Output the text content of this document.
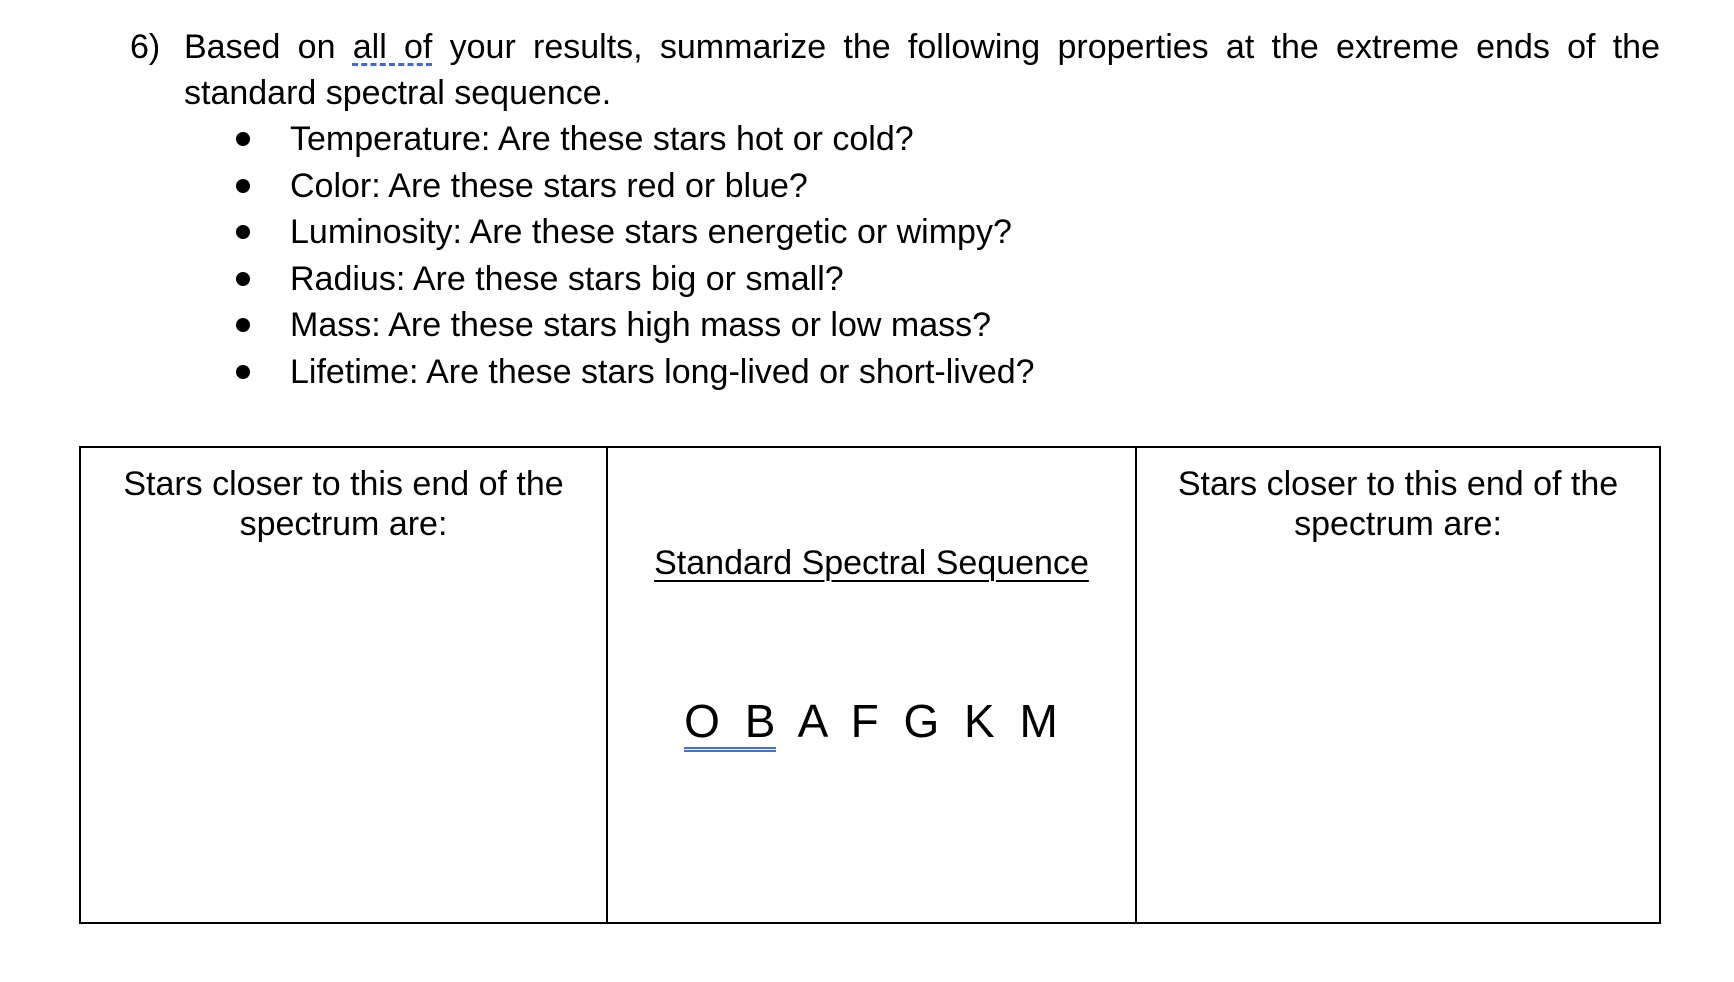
6) Based on all of your results, summarize the following properties at the extreme ends of the
standard spectral sequence.
Temperature: Are these stars hot or cold?
Color: Are these stars red or blue?
Luminosity: Are these stars energetic or wimpy?
Radius: Are these stars big or small?
Mass: Are these stars high mass or low mass?
Lifetime: Are these stars long-lived or short-lived?
Stars closer to this end of the spectrum are:
Standard Spectral Sequence
O B A F G K M
Stars closer to this end of the spectrum are:
